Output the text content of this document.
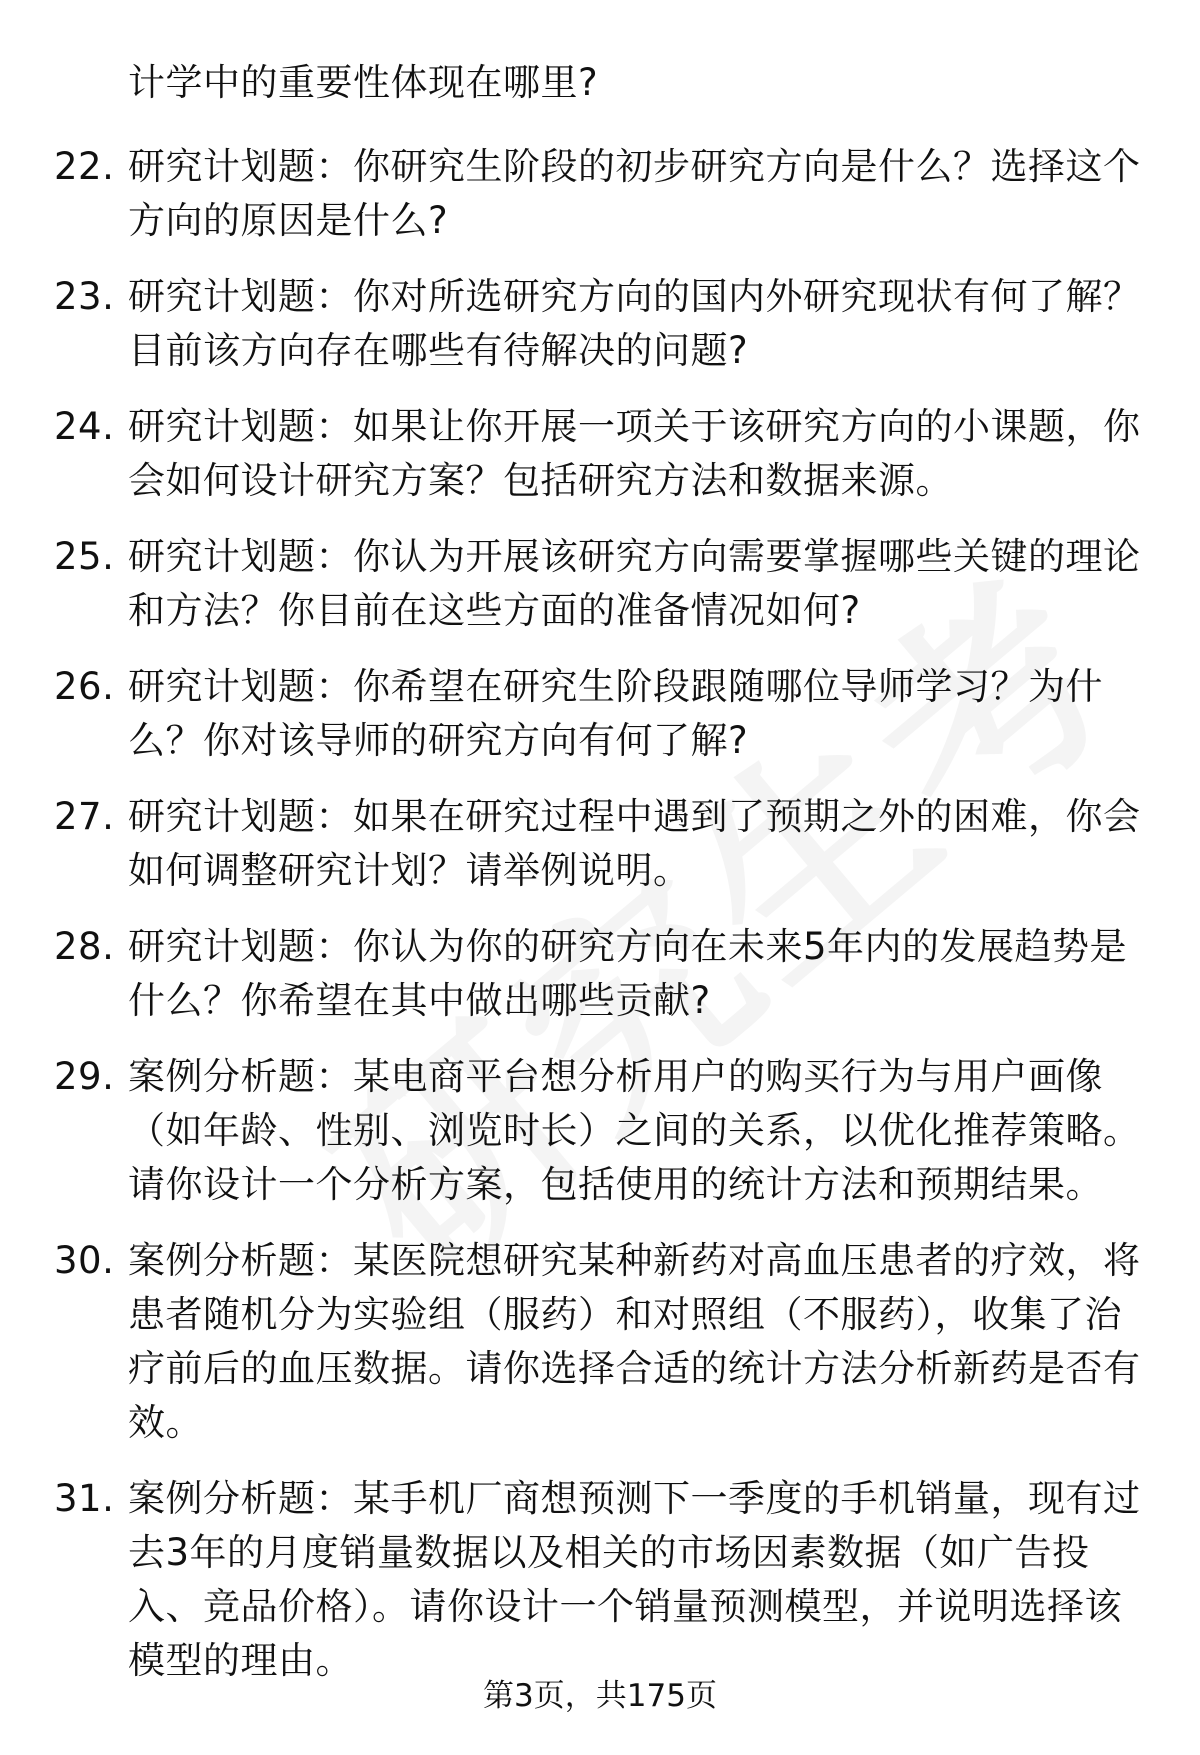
计学中的重要性体现在哪里?
22. 研究计划题：你研究生阶段的初步研究方向是什么？选择这个方向的原因是什么?
23. 研究计划题：你对所选研究方向的国内外研究现状有何了解？目前该方向存在哪些有待解决的问题?
24. 研究计划题：如果让你开展一项关于该研究方向的小课题，你会如何设计研究方案？包括研究方法和数据来源。
25. 研究计划题：你认为开展该研究方向需要掌握哪些关键的理论和方法？你目前在这些方面的准备情况如何?
26. 研究计划题：你希望在研究生阶段跟随哪位导师学习？为什么？你对该导师的研究方向有何了解?
27. 研究计划题：如果在研究过程中遇到了预期之外的困难，你会如何调整研究计划？请举例说明。
28. 研究计划题：你认为你的研究方向在未来5年内的发展趋势是什么？你希望在其中做出哪些贡献?
29. 案例分析题：某电商平台想分析用户的购买行为与用户画像（如年龄、性别、浏览时长）之间的关系，以优化推荐策略。请你设计一个分析方案，包括使用的统计方法和预期结果。
30. 案例分析题：某医院想研究某种新药对高血压患者的疗效，将患者随机分为实验组（服药）和对照组（不服药），收集了治疗前后的血压数据。请你选择合适的统计方法分析新药是否有效。
31. 案例分析题：某手机厂商想预测下一季度的手机销量，现有过去3年的月度销量数据以及相关的市场因素数据（如广告投入、竞品价格）。请你设计一个销量预测模型，并说明选择该模型的理由。
第3页，共175页
